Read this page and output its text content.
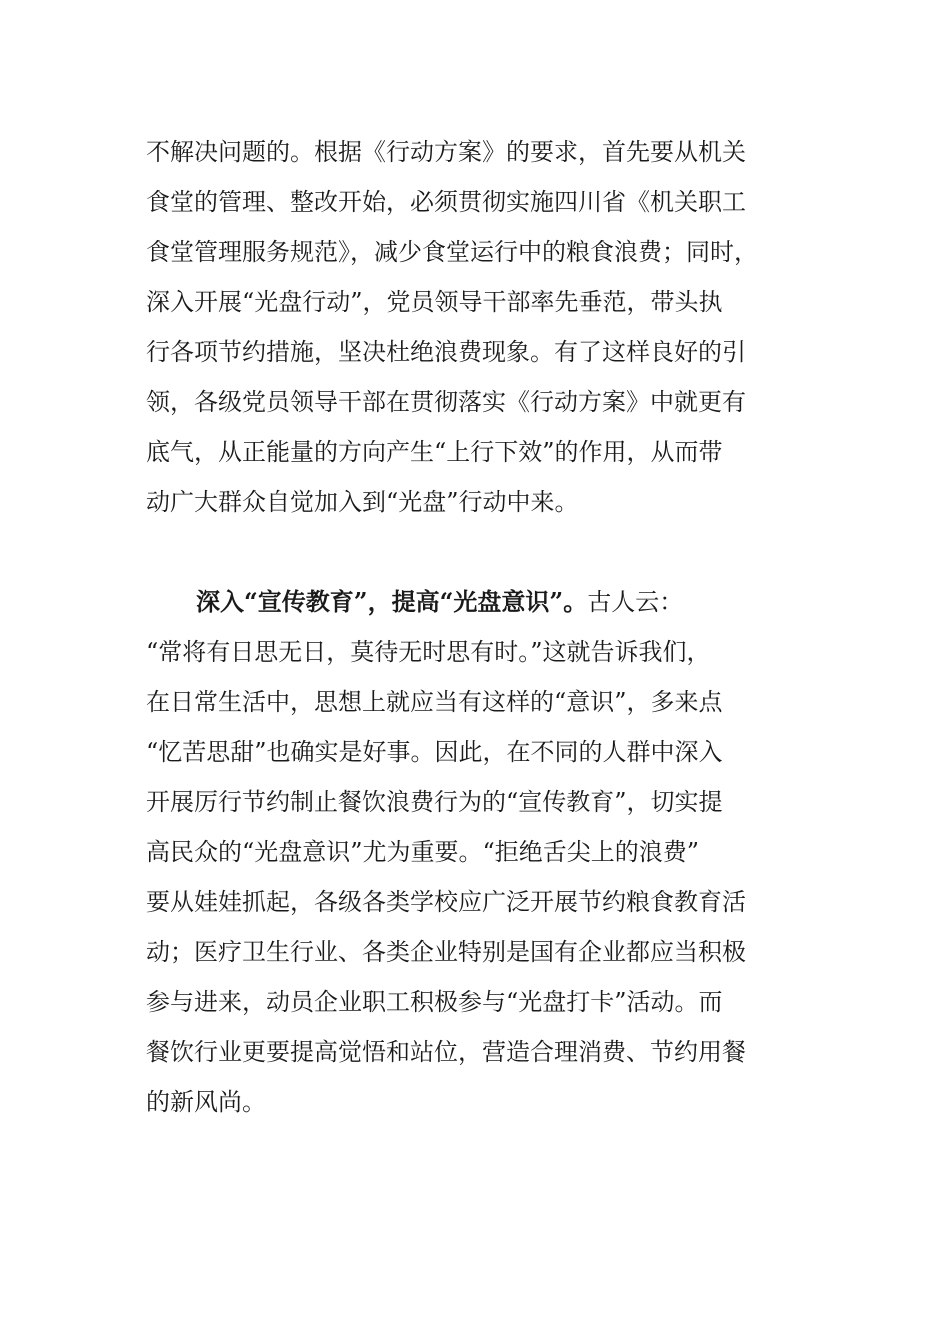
不解决问题的。根据《行动方案》的要求，首先要从机关
食堂的管理、整改开始，必须贯彻实施四川省《机关职工
食堂管理服务规范》，减少食堂运行中的粮食浪费；同时，
深入开展“光盘行动”，党员领导干部率先垂范，带头执
行各项节约措施，坚决杜绝浪费现象。有了这样良好的引
领，各级党员领导干部在贯彻落实《行动方案》中就更有
底气，从正能量的方向产生“上行下效”的作用，从而带
动广大群众自觉加入到“光盘”行动中来。
深入“宣传教育”，提高“光盘意识”。古人云：
“常将有日思无日，莫待无时思有时。”这就告诉我们，
在日常生活中，思想上就应当有这样的“意识”，多来点
“忆苦思甜”也确实是好事。因此，在不同的人群中深入
开展厉行节约制止餐饮浪费行为的“宣传教育”，切实提
高民众的“光盘意识”尤为重要。“拒绝舌尖上的浪费”
要从娃娃抓起，各级各类学校应广泛开展节约粮食教育活
动；医疗卫生行业、各类企业特别是国有企业都应当积极
参与进来，动员企业职工积极参与“光盘打卡”活动。而
餐饮行业更要提高觉悟和站位，营造合理消费、节约用餐
的新风尚。
